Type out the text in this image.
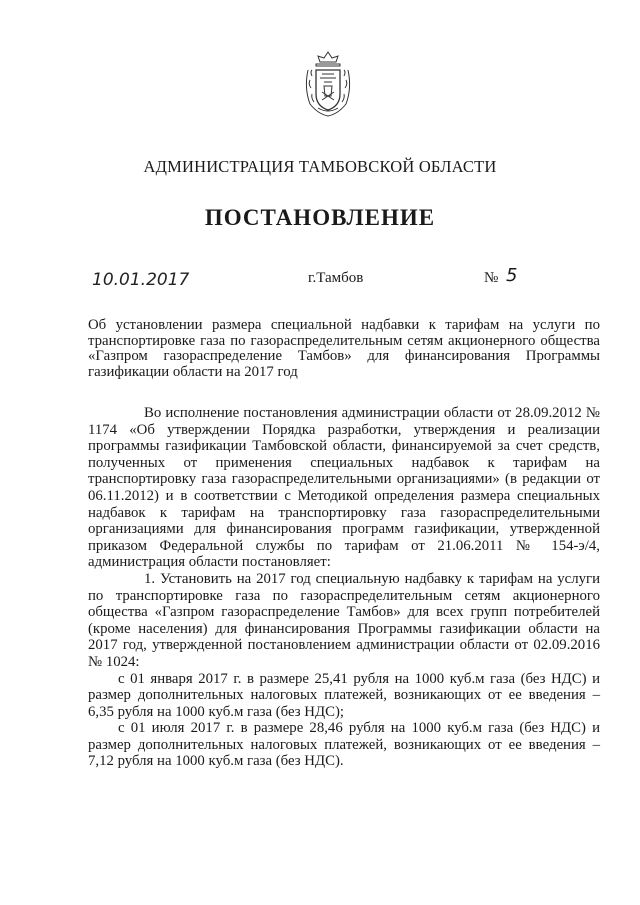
АДМИНИСТРАЦИЯ ТАМБОВСКОЙ ОБЛАСТИ
ПОСТАНОВЛЕНИЕ
10.01.2017	г.Тамбов	№ 5
Об установлении размера специальной надбавки к тарифам на услуги по транспортировке газа по газораспределительным сетям акционерного общества «Газпром газораспределение Тамбов» для финансирования Программы газификации области на 2017 год

Во исполнение постановления администрации области от 28.09.2012 № 1174 «Об утверждении Порядка разработки, утверждения и реализации программы газификации Тамбовской области, финансируемой за счет средств, полученных от применения специальных надбавок к тарифам на транспортировку газа газораспределительными организациями» (в редакции от 06.11.2012) и в соответствии с Методикой определения размера специальных надбавок к тарифам на транспортировку газа газораспределительными организациями для финансирования программ газификации, утвержденной приказом Федеральной службы по тарифам от 21.06.2011 № 154-э/4, администрация области постановляет:

1. Установить на 2017 год специальную надбавку к тарифам на услуги по транспортировке газа по газораспределительным сетям акционерного общества «Газпром газораспределение Тамбов» для всех групп потребителей (кроме населения) для финансирования Программы газификации области на 2017 год, утвержденной постановлением администрации области от 02.09.2016 № 1024:

с 01 января 2017 г. в размере 25,41 рубля на 1000 куб.м газа (без НДС) и размер дополнительных налоговых платежей, возникающих от ее введения – 6,35 рубля на 1000 куб.м газа (без НДС);

с 01 июля 2017 г. в размере 28,46 рубля на 1000 куб.м газа (без НДС) и размер дополнительных налоговых платежей, возникающих от ее введения – 7,12 рубля на 1000 куб.м газа (без НДС).
